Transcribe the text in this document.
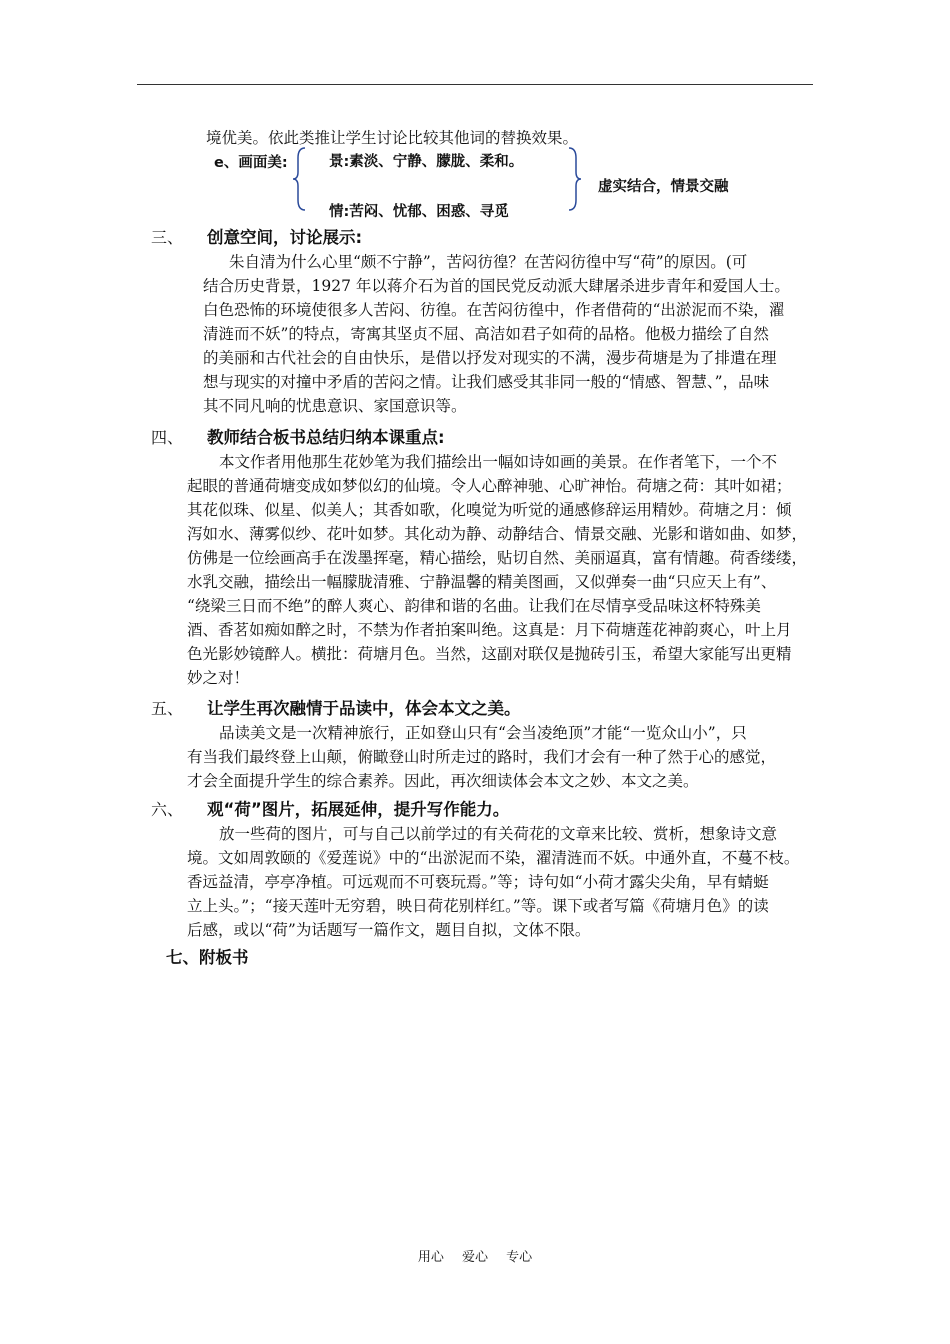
境优美。依此类推让学生讨论比较其他词的替换效果。
e、画面美:	景:素淡、宁静、朦胧、柔和。
情:苦闷、忧郁、困惑、寻觅
虚实结合，情景交融
三、 创意空间，讨论展示:
朱自清为什么心里“颇不宁静”，苦闷彷徨？在苦闷彷徨中写“荷”的原因。(可
结合历史背景，1927 年以蒋介石为首的国民党反动派大肆屠杀进步青年和爱国人士。
白色恐怖的环境使很多人苦闷、彷徨。在苦闷彷徨中，作者借荷的“出淤泥而不染，濯
清涟而不妖”的特点，寄寓其坚贞不屈、高洁如君子如荷的品格。他极力描绘了自然
的美丽和古代社会的自由快乐，是借以抒发对现实的不满，漫步荷塘是为了排遣在理
想与现实的对撞中矛盾的苦闷之情。让我们感受其非同一般的“情感、智慧、”，品味
其不同凡响的忧患意识、家国意识等。
四、 教师结合板书总结归纳本课重点:
本文作者用他那生花妙笔为我们描绘出一幅如诗如画的美景。在作者笔下，一个不
起眼的普通荷塘变成如梦似幻的仙境。令人心醉神驰、心旷神怡。荷塘之荷：其叶如裙；
其花似珠、似星、似美人；其香如歌，化嗅觉为听觉的通感修辞运用精妙。荷塘之月：倾
泻如水、薄雾似纱、花叶如梦。其化动为静、动静结合、情景交融、光影和谐如曲、如梦，
仿佛是一位绘画高手在泼墨挥毫，精心描绘，贴切自然、美丽逼真，富有情趣。荷香缕缕，
水乳交融，描绘出一幅朦胧清雅、宁静温馨的精美图画，又似弹奏一曲“只应天上有”、
“绕梁三日而不绝”的醉人爽心、韵律和谐的名曲。让我们在尽情享受品味这杯特殊美
酒、香茗如痴如醉之时，不禁为作者拍案叫绝。这真是：月下荷塘莲花神韵爽心，叶上月
色光影妙镜醉人。横批：荷塘月色。当然，这副对联仅是抛砖引玉，希望大家能写出更精
妙之对！
五、 让学生再次融情于品读中，体会本文之美。
品读美文是一次精神旅行，正如登山只有“会当凌绝顶”才能“一览众山小”，只
有当我们最终登上山颠，俯瞰登山时所走过的路时，我们才会有一种了然于心的感觉，
才会全面提升学生的综合素养。因此，再次细读体会本文之妙、本文之美。
六、 观“荷”图片，拓展延伸，提升写作能力。
放一些荷的图片，可与自己以前学过的有关荷花的文章来比较、赏析，想象诗文意
境。文如周敦颐的《爱莲说》中的“出淤泥而不染，濯清涟而不妖。中通外直，不蔓不枝。
香远益清，亭亭净植。可远观而不可亵玩焉。”等；诗句如“小荷才露尖尖角，早有蜻蜓
立上头。”；“接天莲叶无穷碧，映日荷花别样红。”等。课下或者写篇《荷塘月色》的读
后感，或以“荷”为话题写一篇作文，题目自拟，文体不限。
七、附板书
用心 爱心 专心
